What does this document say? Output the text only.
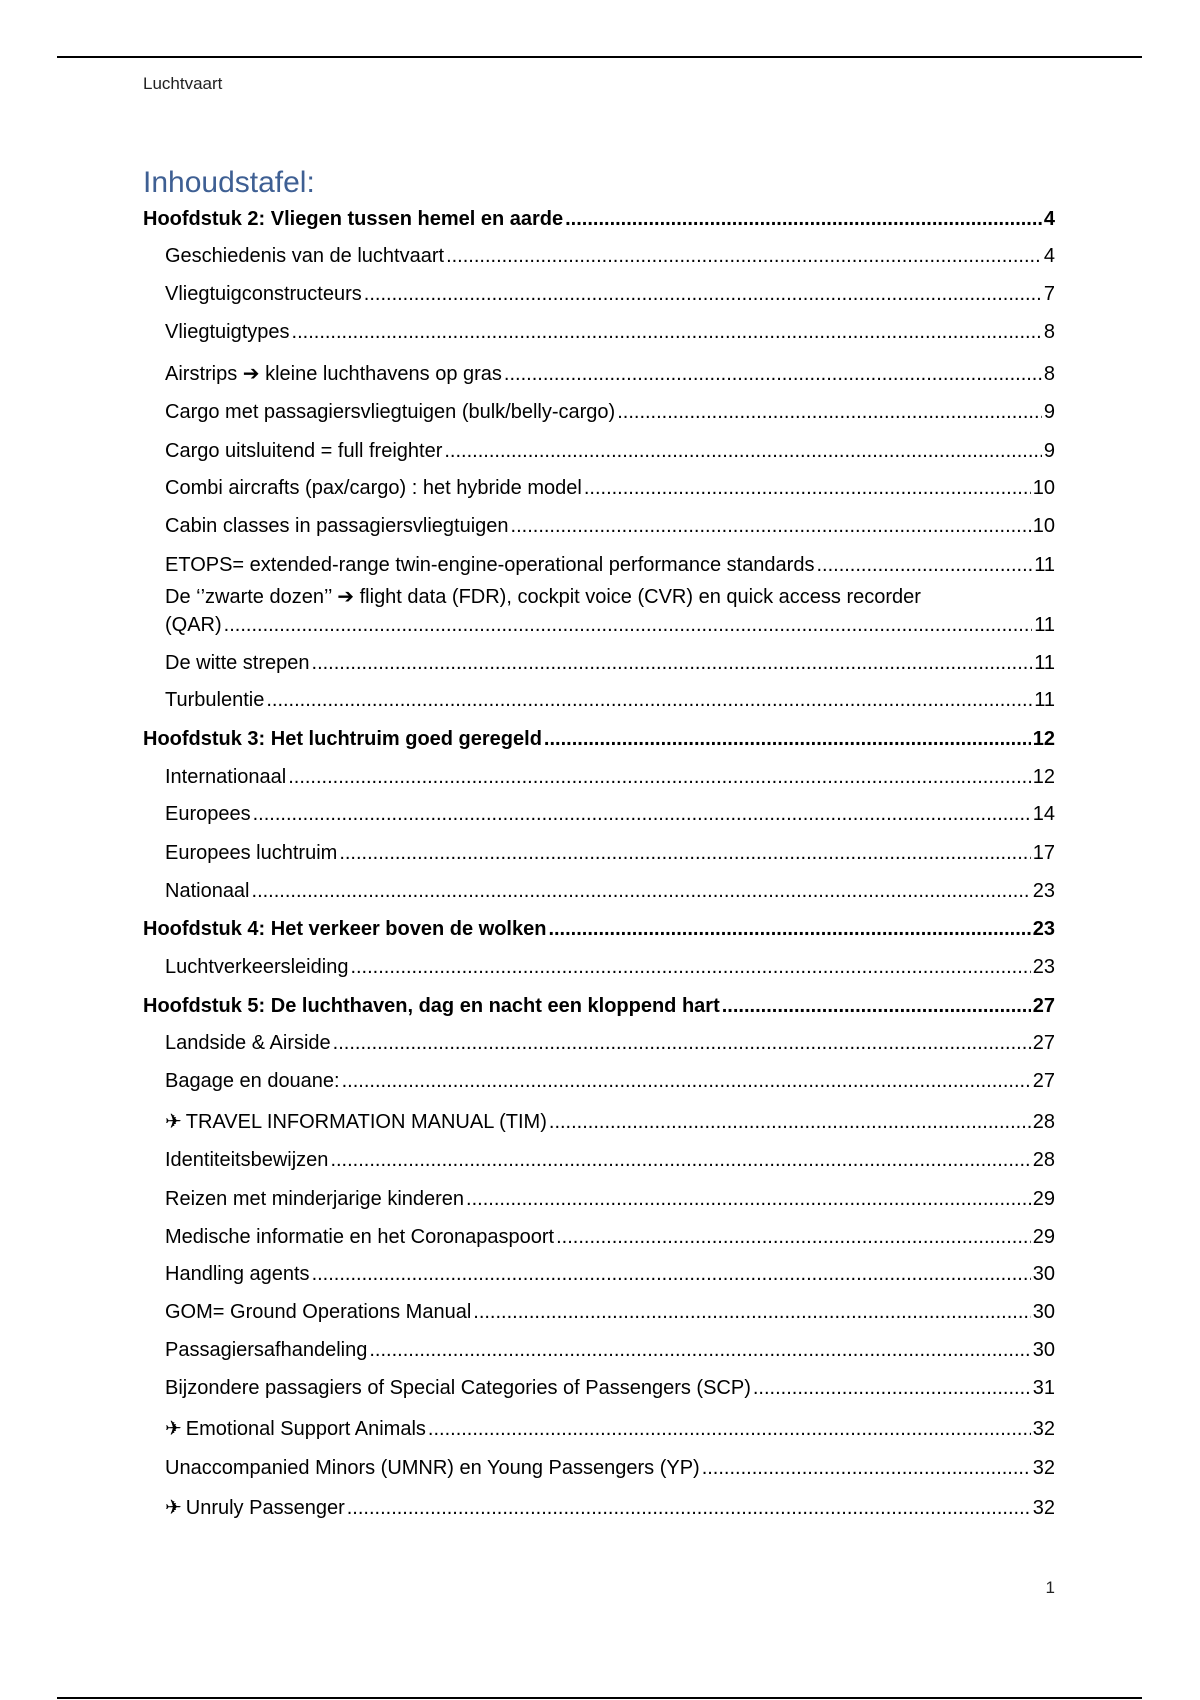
Luchtvaart
Inhoudstafel:
Hoofdstuk 2: Vliegen tussen hemel en aarde .....	4
Geschiedenis van de luchtvaart .....	4
Vliegtuigconstructeurs .....	7
Vliegtuigtypes .....	8
Airstrips ➔ kleine luchthavens op gras .....	8
Cargo met passagiersvliegtuigen (bulk/belly-cargo) .....	9
Cargo uitsluitend = full freighter .....	9
Combi aircrafts (pax/cargo) : het hybride model .....	10
Cabin classes in passagiersvliegtuigen .....	10
ETOPS= extended-range twin-engine-operational performance standards .....	11
De ‘’zwarte dozen’’ ➔ flight data (FDR), cockpit voice (CVR) en quick access recorder
(QAR) .....	11
De witte strepen .....	11
Turbulentie .....	11
Hoofdstuk 3: Het luchtruim goed geregeld .....	12
Internationaal .....	12
Europees .....	14
Europees luchtruim .....	17
Nationaal .....	23
Hoofdstuk 4: Het verkeer boven de wolken .....	23
Luchtverkeersleiding .....	23
Hoofdstuk 5: De luchthaven, dag en nacht een kloppend hart .....	27
Landside & Airside .....	27
Bagage en douane: .....	27
✈ TRAVEL INFORMATION MANUAL (TIM) .....	28
Identiteitsbewijzen .....	28
Reizen met minderjarige kinderen .....	29
Medische informatie en het Coronapaspoort .....	29
Handling agents .....	30
GOM= Ground Operations Manual .....	30
Passagiersafhandeling .....	30
Bijzondere passagiers of Special Categories of Passengers (SCP) .....	31
✈ Emotional Support Animals .....	32
Unaccompanied Minors (UMNR) en Young Passengers (YP) .....	32
✈ Unruly Passenger .....	32
1
